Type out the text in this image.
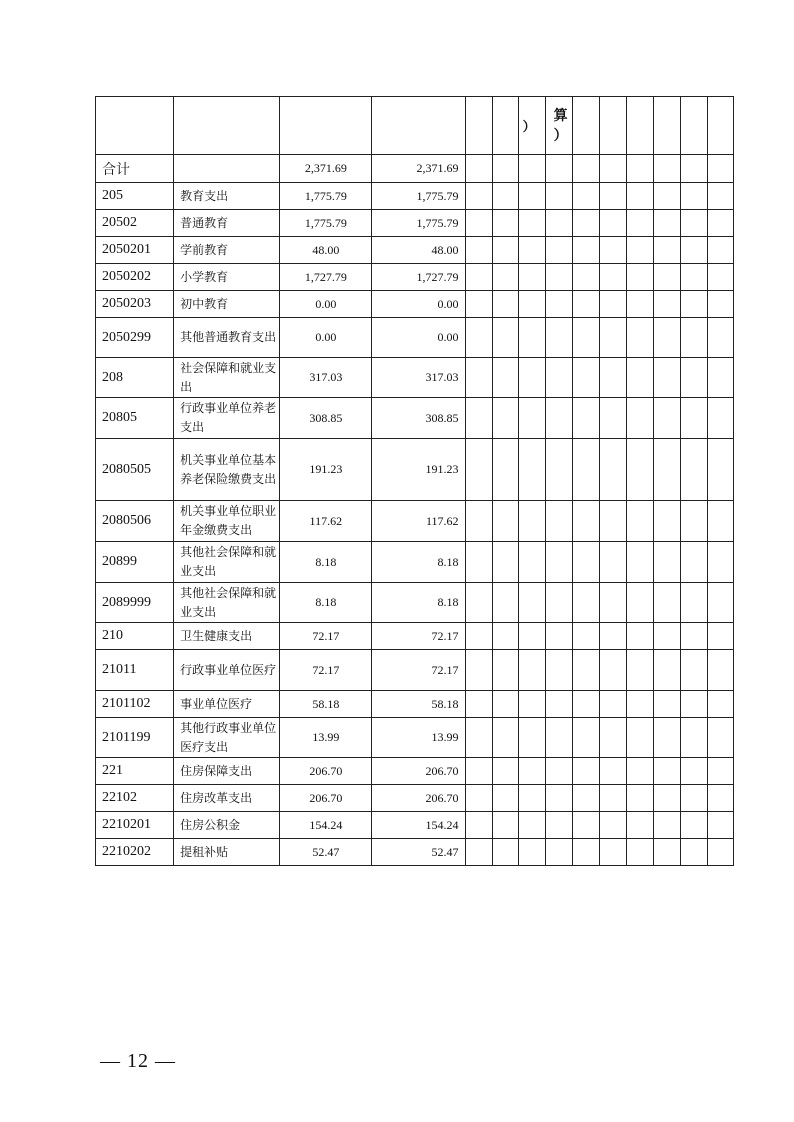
						）	算
）						
合计		2,371.69	2,371.69										
205	教育支出	1,775.79	1,775.79										
20502	普通教育	1,775.79	1,775.79										
2050201	学前教育	48.00	48.00										
2050202	小学教育	1,727.79	1,727.79										
2050203	初中教育	0.00	0.00										
2050299	其他普通教育支出	0.00	0.00										
208	社会保障和就业支出	317.03	317.03										
20805	行政事业单位养老支出	308.85	308.85										
2080505	机关事业单位基本养老保险缴费支出	191.23	191.23										
2080506	机关事业单位职业年金缴费支出	117.62	117.62										
20899	其他社会保障和就业支出	8.18	8.18										
2089999	其他社会保障和就业支出	8.18	8.18										
210	卫生健康支出	72.17	72.17										
21011	行政事业单位医疗	72.17	72.17										
2101102	事业单位医疗	58.18	58.18										
2101199	其他行政事业单位医疗支出	13.99	13.99										
221	住房保障支出	206.70	206.70										
22102	住房改革支出	206.70	206.70										
2210201	住房公积金	154.24	154.24										
2210202	提租补贴	52.47	52.47										
— 12 —
